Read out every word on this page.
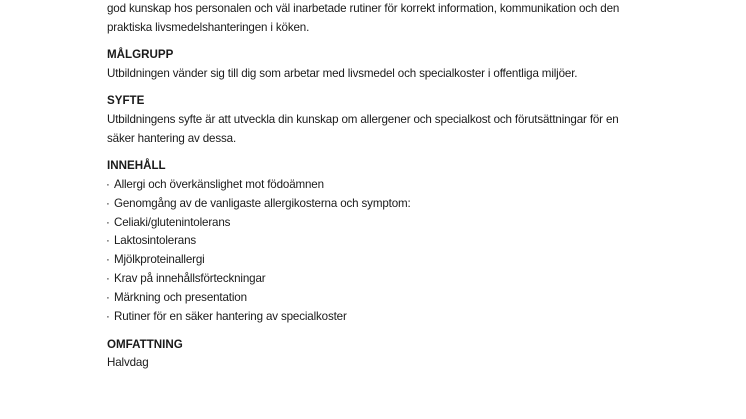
god kunskap hos personalen och väl inarbetade rutiner för korrekt information, kommunikation och den

praktiska livsmedelshanteringen i köken.

MÅLGRUPP

Utbildningen vänder sig till dig som arbetar med livsmedel och specialkoster i offentliga miljöer.

SYFTE

Utbildningens syfte är att utveckla din kunskap om allergener och specialkost och förutsättningar för en

säker hantering av dessa.

INNEHÅLL
· Allergi och överkänslighet mot födoämnen
· Genomgång av de vanligaste allergikosterna och symptom:
· Celiaki/glutenintolerans
· Laktosintolerans
· Mjölkproteinallergi
· Krav på innehållsförteckningar
· Märkning och presentation
· Rutiner för en säker hantering av specialkoster
OMFATTNING

Halvdag
